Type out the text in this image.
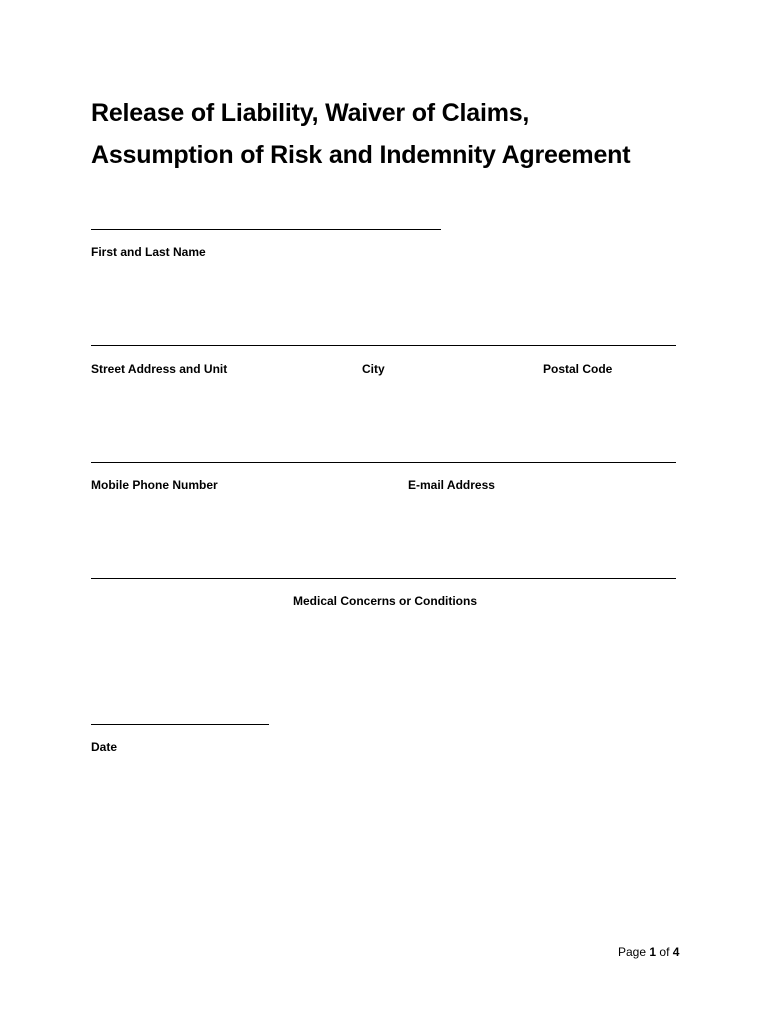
Release of Liability, Waiver of Claims,
Assumption of Risk and Indemnity Agreement
First and Last Name
Street Address and Unit	City	Postal Code
Mobile Phone Number	E-mail Address
Medical Concerns or Conditions
Date
Page 1 of 4
